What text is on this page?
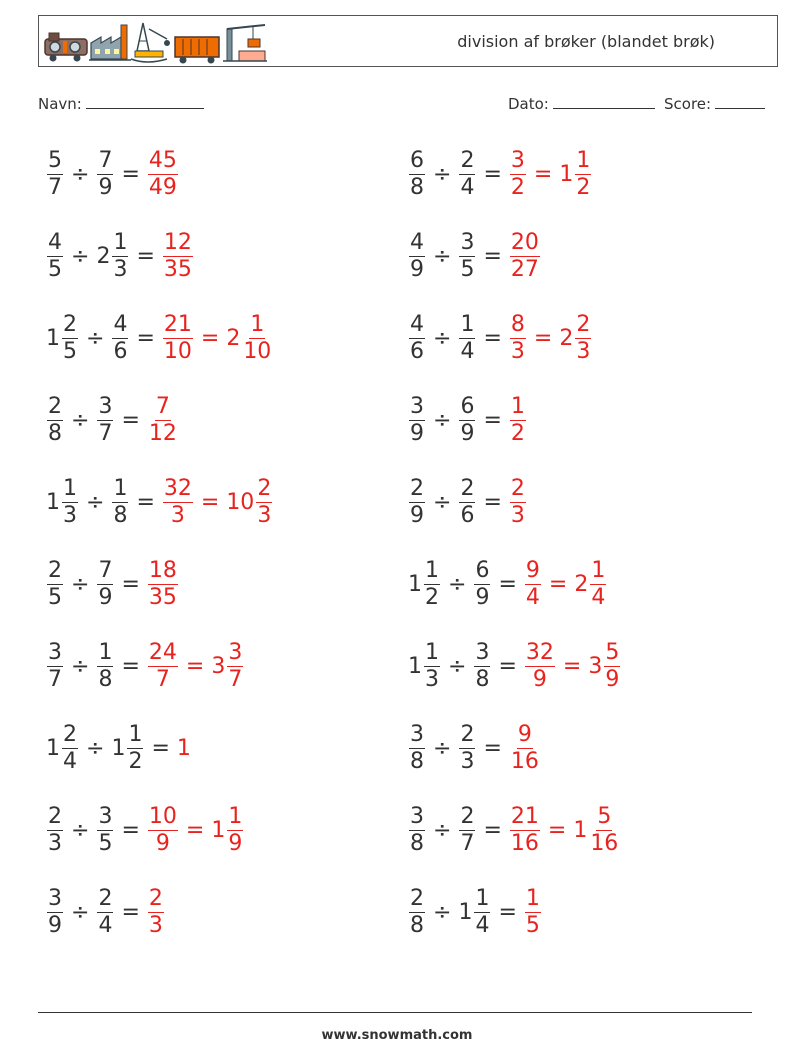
division af brøker (blandet brøk)
Navn:	Dato:	Score:
$\frac{5}{7} \div \frac{7}{9} = \frac{45}{49}$	$\frac{6}{8} \div \frac{2}{4} = \frac{3}{2} = 1 \frac{1}{2}$
$\frac{4}{5} \div 2 \frac{1}{3} = \frac{12}{35}$	$\frac{4}{9} \div \frac{3}{5} = \frac{20}{27}$
$1 \frac{2}{5} \div \frac{4}{6} = \frac{21}{10} = 2 \frac{1}{10}$	$\frac{4}{6} \div \frac{1}{4} = \frac{8}{3} = 2 \frac{2}{3}$
$\frac{2}{8} \div \frac{3}{7} = \frac{7}{12}$	$\frac{3}{9} \div \frac{6}{9} = \frac{1}{2}$
$1 \frac{1}{3} \div \frac{1}{8} = \frac{32}{3} = 10 \frac{2}{3}$	$\frac{2}{9} \div \frac{2}{6} = \frac{2}{3}$
$\frac{2}{5} \div \frac{7}{9} = \frac{18}{35}$	$1 \frac{1}{2} \div \frac{6}{9} = \frac{9}{4} = 2 \frac{1}{4}$
$\frac{3}{7} \div \frac{1}{8} = \frac{24}{7} = 3 \frac{3}{7}$	$1 \frac{1}{3} \div \frac{3}{8} = \frac{32}{9} = 3 \frac{5}{9}$
$1 \frac{2}{4} \div 1 \frac{1}{2} = 1$	$\frac{3}{8} \div \frac{2}{3} = \frac{9}{16}$
$\frac{2}{3} \div \frac{3}{5} = \frac{10}{9} = 1 \frac{1}{9}$	$\frac{3}{8} \div \frac{2}{7} = \frac{21}{16} = 1 \frac{5}{16}$
$\frac{3}{9} \div \frac{2}{4} = \frac{2}{3}$	$\frac{2}{8} \div 1 \frac{1}{4} = \frac{1}{5}$
www.snowmath.com
